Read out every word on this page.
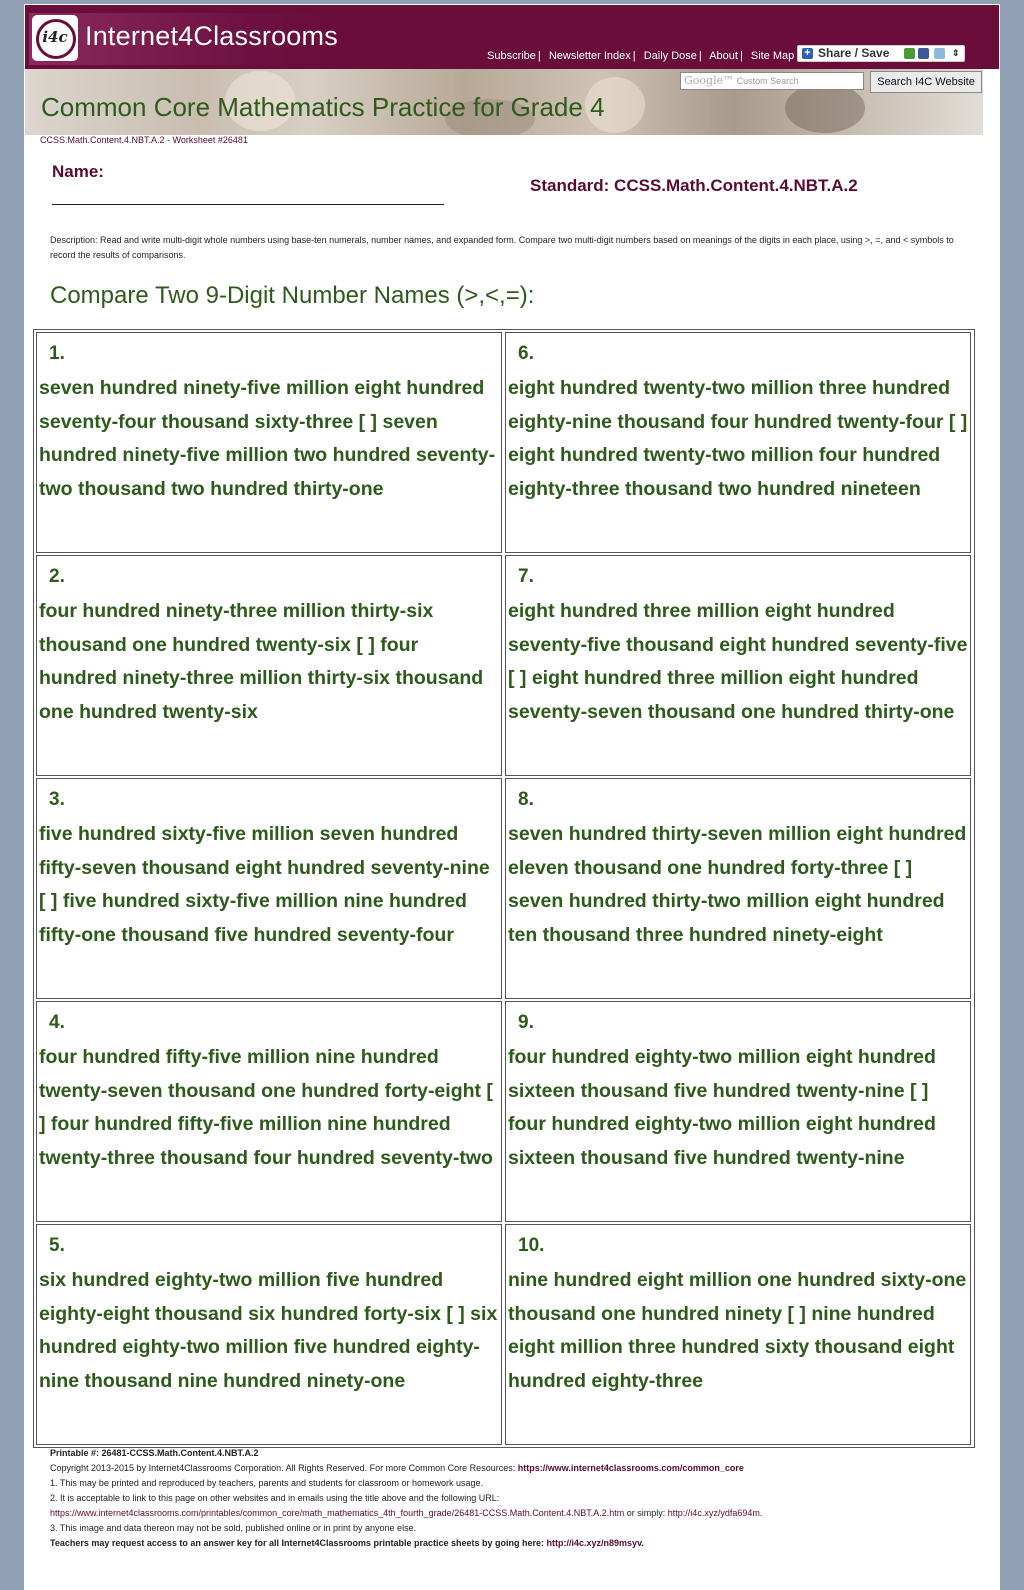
i4c Internet4Classrooms
Subscribe | Newsletter Index | Daily Dose | About | Site Map + Share / Save	⇕
Common Core Mathematics Practice for Grade 4
Google™ Custom Search	Search I4C Website
CCSS.Math.Content.4.NBT.A.2 - Worksheet #26481
Name:
Standard: CCSS.Math.Content.4.NBT.A.2
Description: Read and write multi-digit whole numbers using base-ten numerals, number names, and expanded form. Compare two multi-digit numbers based on meanings of the digits in each place, using >, =, and < symbols to record the results of comparisons.
Compare Two 9-Digit Number Names (>,<,=):
1.
seven hundred ninety-five million eight hundred seventy-four thousand sixty-three [ ] seven hundred ninety-five million two hundred seventy-two thousand two hundred thirty-one
2.
four hundred ninety-three million thirty-six thousand one hundred twenty-six [ ] four hundred ninety-three million thirty-six thousand one hundred twenty-six
3.
five hundred sixty-five million seven hundred fifty-seven thousand eight hundred seventy-nine [ ] five hundred sixty-five million nine hundred fifty-one thousand five hundred seventy-four
4.
four hundred fifty-five million nine hundred twenty-seven thousand one hundred forty-eight [ ] four hundred fifty-five million nine hundred twenty-three thousand four hundred seventy-two
5.
six hundred eighty-two million five hundred eighty-eight thousand six hundred forty-six [ ] six hundred eighty-two million five hundred eighty-nine thousand nine hundred ninety-one
6.
eight hundred twenty-two million three hundred eighty-nine thousand four hundred twenty-four [ ] eight hundred twenty-two million four hundred eighty-three thousand two hundred nineteen
7.
eight hundred three million eight hundred seventy-five thousand eight hundred seventy-five [ ] eight hundred three million eight hundred seventy-seven thousand one hundred thirty-one
8.
seven hundred thirty-seven million eight hundred eleven thousand one hundred forty-three [ ] seven hundred thirty-two million eight hundred ten thousand three hundred ninety-eight
9.
four hundred eighty-two million eight hundred sixteen thousand five hundred twenty-nine [ ] four hundred eighty-two million eight hundred sixteen thousand five hundred twenty-nine
10.
nine hundred eight million one hundred sixty-one thousand one hundred ninety [ ] nine hundred eight million three hundred sixty thousand eight hundred eighty-three
Printable #: 26481-CCSS.Math.Content.4.NBT.A.2
Copyright 2013-2015 by Internet4Classrooms Corporation. All Rights Reserved. For more Common Core Resources: https://www.internet4classrooms.com/common_core
1. This may be printed and reproduced by teachers, parents and students for classroom or homework usage.
2. It is acceptable to link to this page on other websites and in emails using the title above and the following URL:
https://www.internet4classrooms.com/printables/common_core/math_mathematics_4th_fourth_grade/26481-CCSS.Math.Content.4.NBT.A.2.htm or simply: http://i4c.xyz/ydfa694m.
3. This image and data thereon may not be sold, published online or in print by anyone else.
Teachers may request access to an answer key for all Internet4Classrooms printable practice sheets by going here: http://i4c.xyz/n89msyv.
